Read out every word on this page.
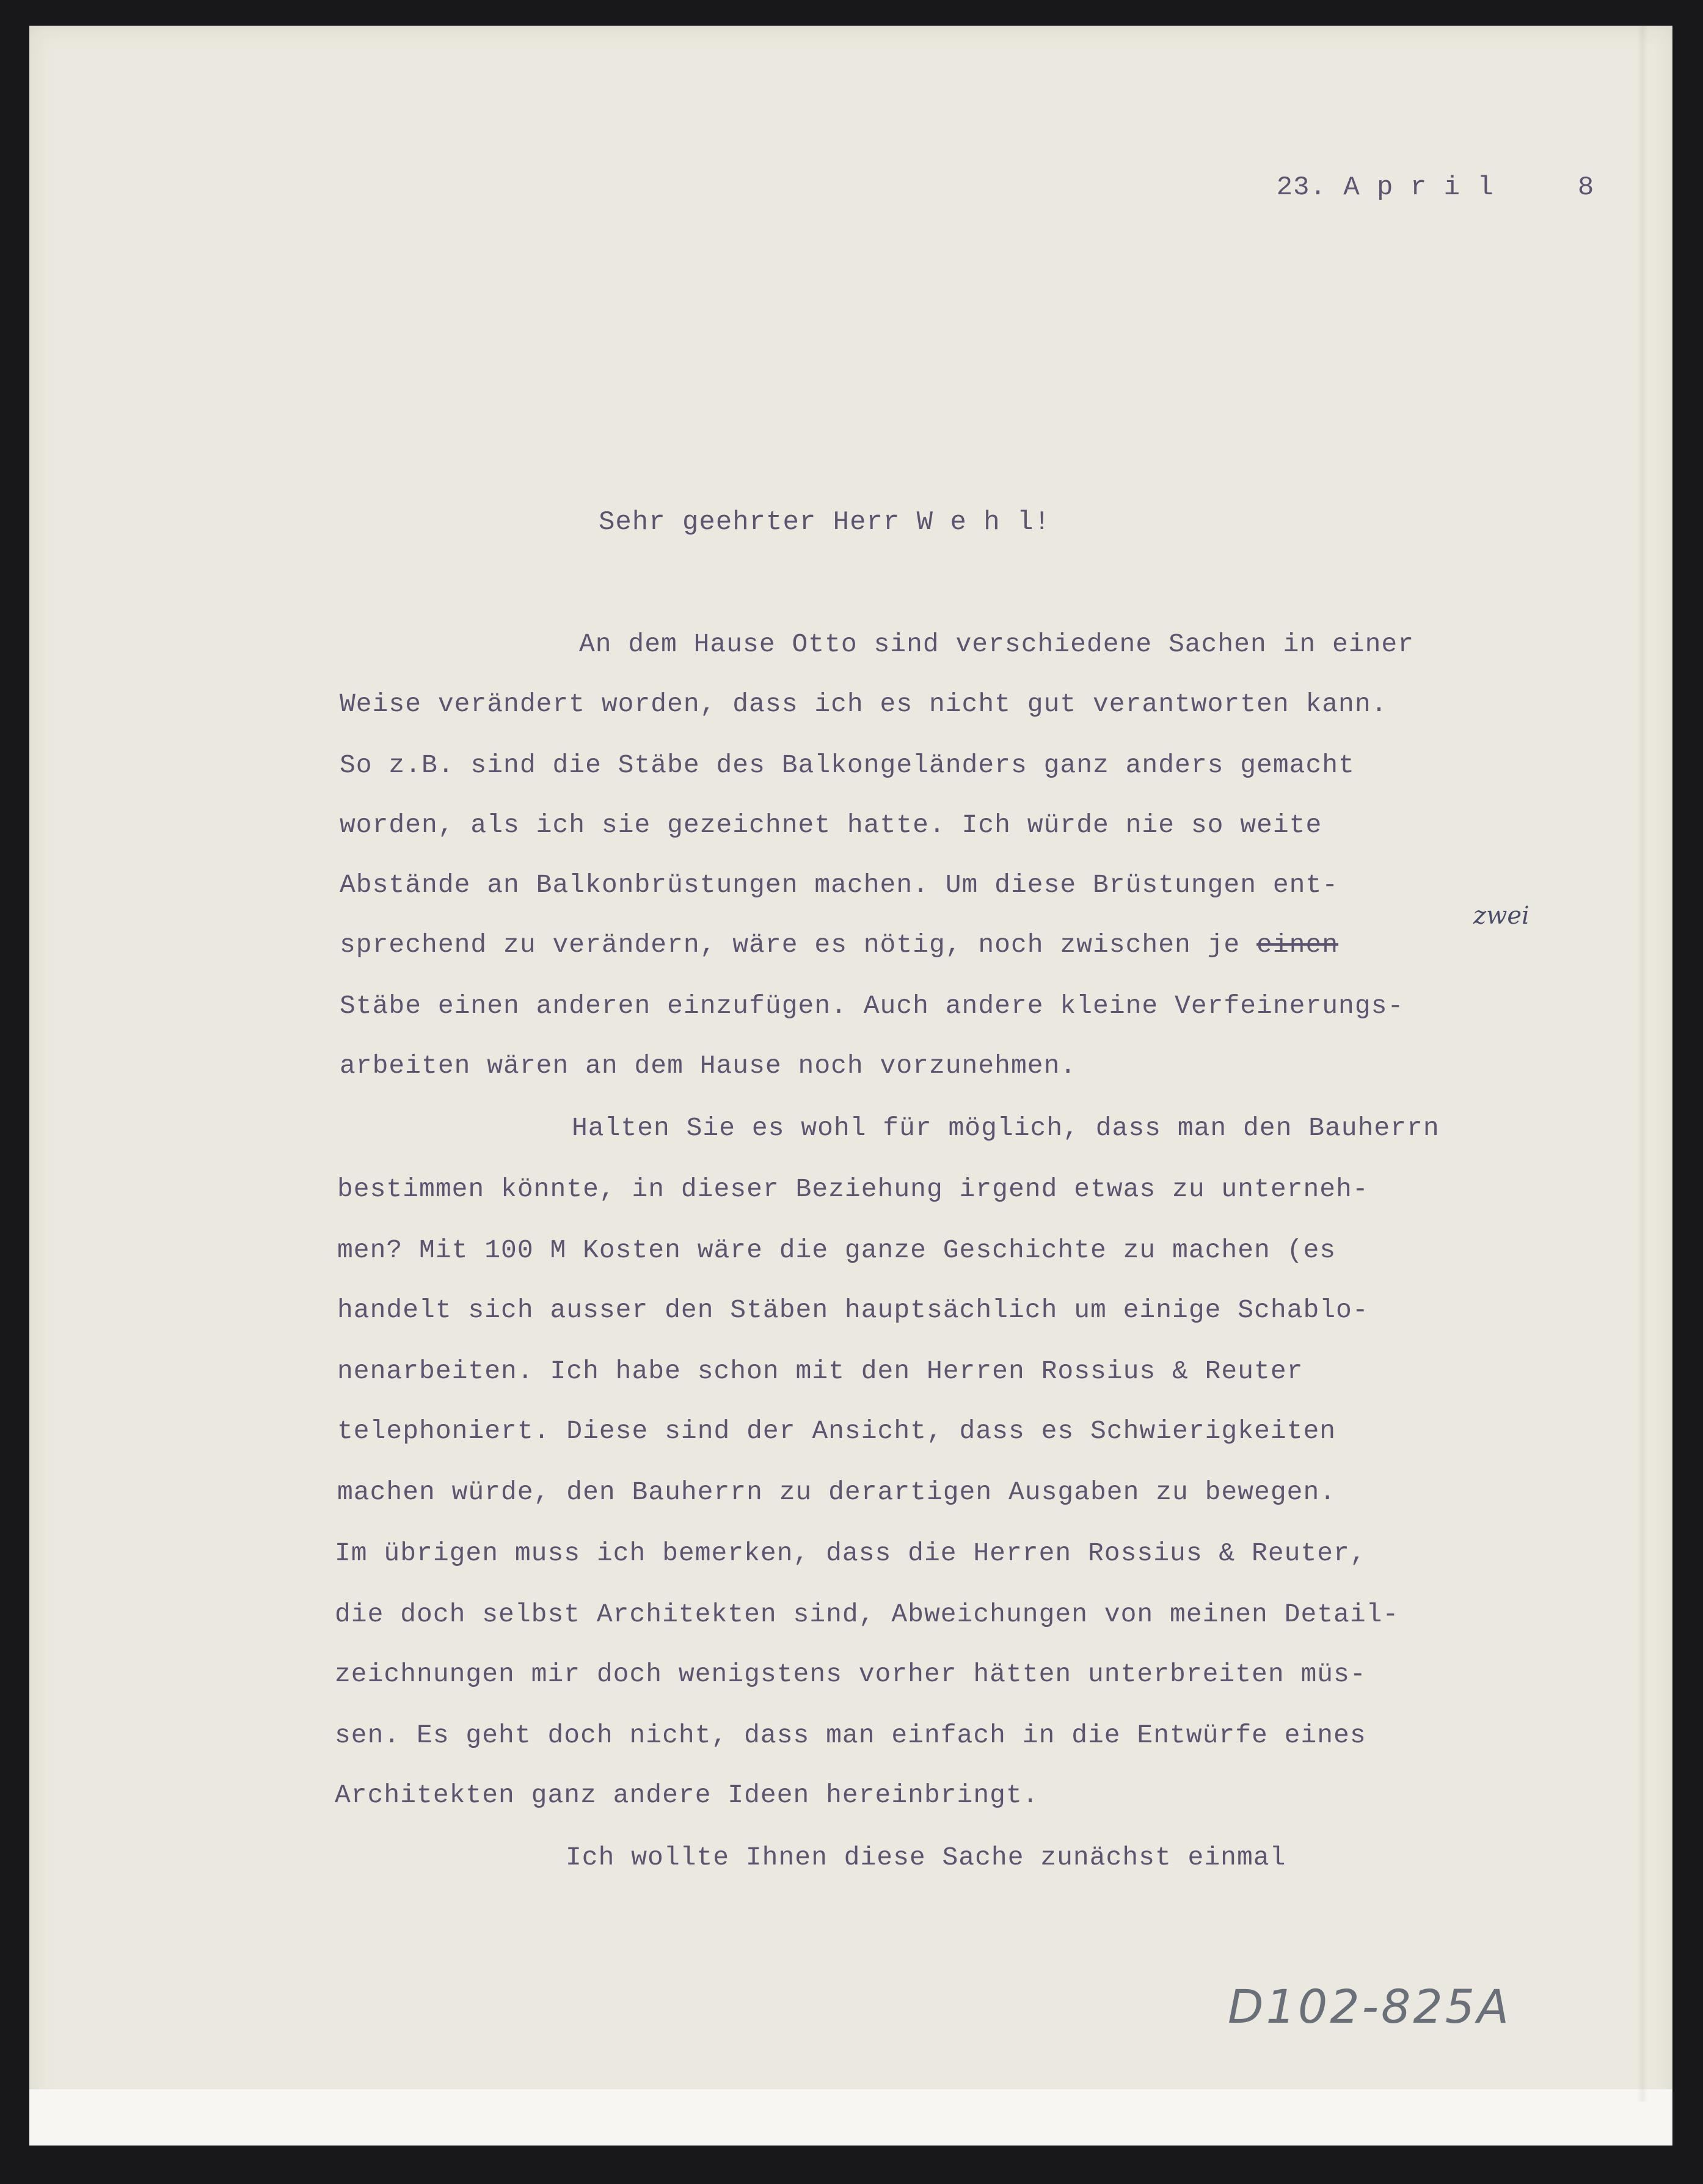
23. A p r i l	8

Sehr geehrter Herr W e h l!
An dem Hause Otto sind verschiedene Sachen in einer
Weise verändert worden, dass ich es nicht gut verantworten kann.
So z.B. sind die Stäbe des Balkongeländers ganz anders gemacht
worden, als ich sie gezeichnet hatte. Ich würde nie so weite
Abstände an Balkonbrüstungen machen. Um diese Brüstungen ent-
sprechend zu verändern, wäre es nötig, noch zwischen je einen
zwei
Stäbe einen anderen einzufügen. Auch andere kleine Verfeinerungs-
arbeiten wären an dem Hause noch vorzunehmen.
Halten Sie es wohl für möglich, dass man den Bauherrn
bestimmen könnte, in dieser Beziehung irgend etwas zu unterneh-
men? Mit 100 M Kosten wäre die ganze Geschichte zu machen (es
handelt sich ausser den Stäben hauptsächlich um einige Schablo-
nenarbeiten. Ich habe schon mit den Herren Rossius & Reuter
telephoniert. Diese sind der Ansicht, dass es Schwierigkeiten
machen würde, den Bauherrn zu derartigen Ausgaben zu bewegen.
Im übrigen muss ich bemerken, dass die Herren Rossius & Reuter,
die doch selbst Architekten sind, Abweichungen von meinen Detail-
zeichnungen mir doch wenigstens vorher hätten unterbreiten müs-
sen. Es geht doch nicht, dass man einfach in die Entwürfe eines
Architekten ganz andere Ideen hereinbringt.
Ich wollte Ihnen diese Sache zunächst einmal
D102-825A
